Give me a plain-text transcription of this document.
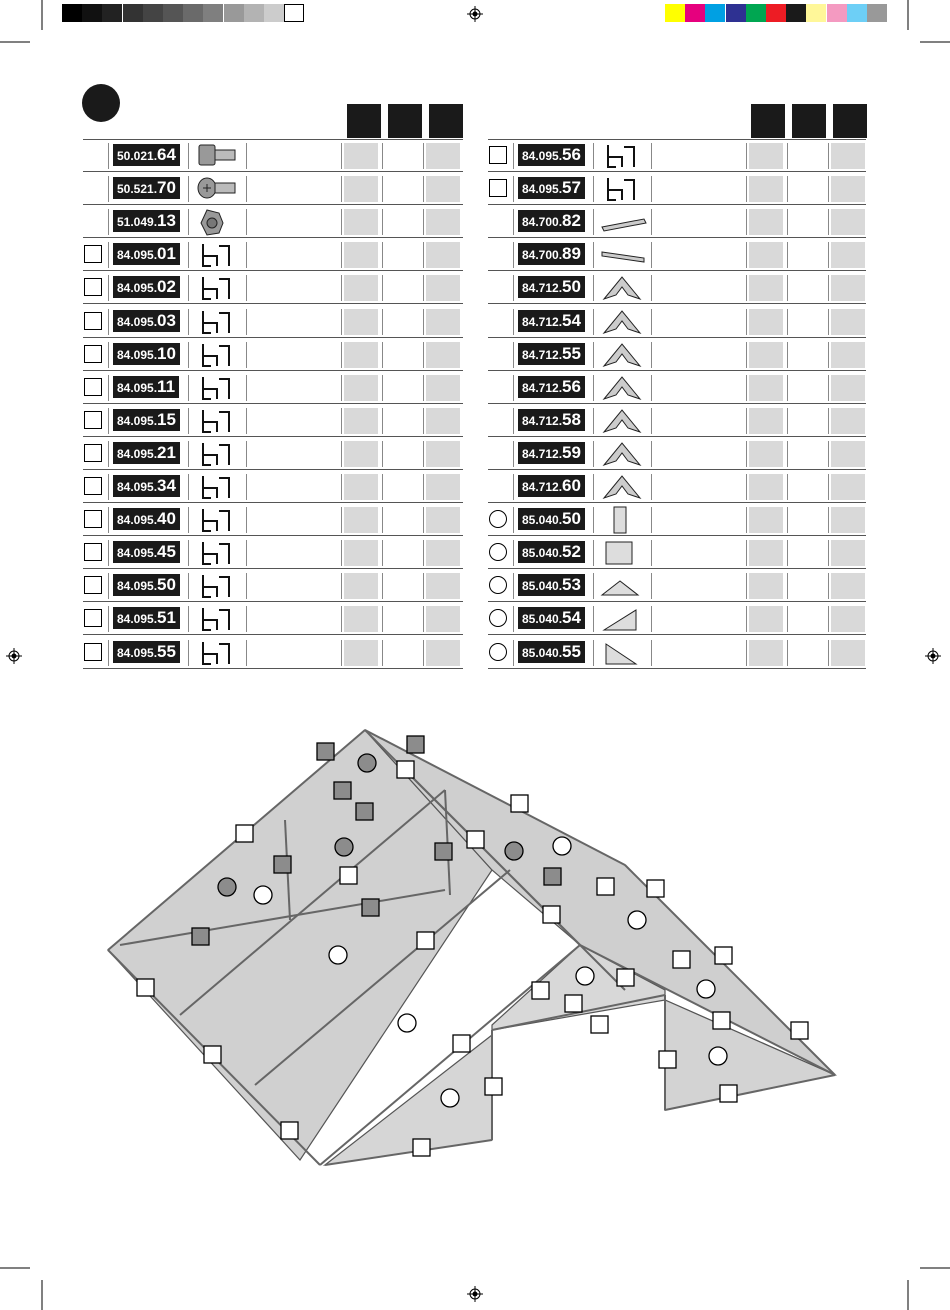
50.021.64
50.521.70
51.049.13
84.095.01
84.095.02
84.095.03
84.095.10
84.095.11
84.095.15
84.095.21
84.095.34
84.095.40
84.095.45
84.095.50
84.095.51
84.095.55
84.095.56
84.095.57
84.700.82
84.700.89
84.712.50
84.712.54
84.712.55
84.712.56
84.712.58
84.712.59
84.712.60
85.040.50
85.040.52
85.040.53
85.040.54
85.040.55
